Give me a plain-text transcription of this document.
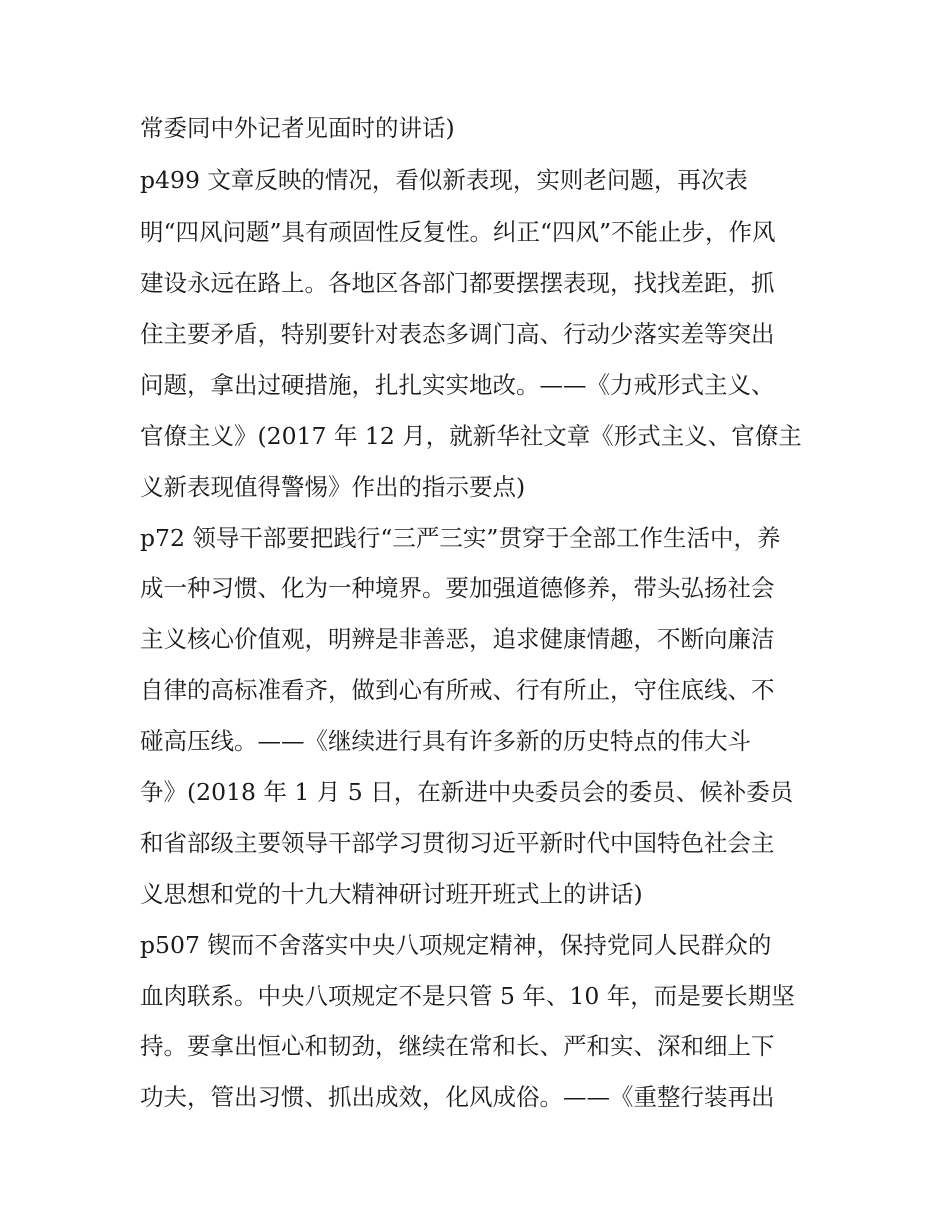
常委同中外记者见面时的讲话)
p499 文章反映的情况，看似新表现，实则老问题，再次表
明“四风问题”具有顽固性反复性。纠正“四风”不能止步，作风
建设永远在路上。各地区各部门都要摆摆表现，找找差距，抓
住主要矛盾，特别要针对表态多调门高、行动少落实差等突出
问题，拿出过硬措施，扎扎实实地改。——《力戒形式主义、
官僚主义》(2017 年 12 月，就新华社文章《形式主义、官僚主
义新表现值得警惕》作出的指示要点)
p72 领导干部要把践行“三严三实”贯穿于全部工作生活中，养
成一种习惯、化为一种境界。要加强道德修养，带头弘扬社会
主义核心价值观，明辨是非善恶，追求健康情趣，不断向廉洁
自律的高标准看齐，做到心有所戒、行有所止，守住底线、不
碰高压线。——《继续进行具有许多新的历史特点的伟大斗
争》(2018 年 1 月 5 日，在新进中央委员会的委员、候补委员
和省部级主要领导干部学习贯彻习近平新时代中国特色社会主
义思想和党的十九大精神研讨班开班式上的讲话)
p507 锲而不舍落实中央八项规定精神，保持党同人民群众的
血肉联系。中央八项规定不是只管 5 年、10 年，而是要长期坚
持。要拿出恒心和韧劲，继续在常和长、严和实、深和细上下
功夫，管出习惯、抓出成效，化风成俗。——《重整行装再出
